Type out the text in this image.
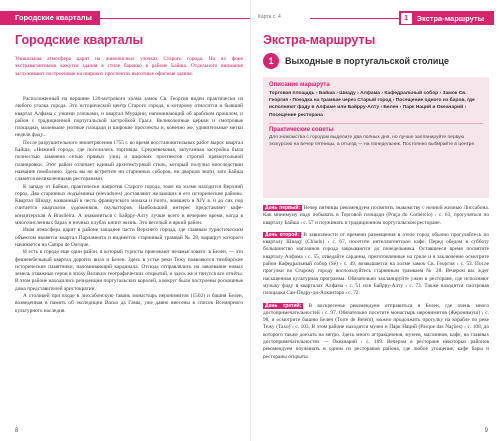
Городские кварталы
Городские кварталы
Уникальная атмосфера царит на живописных улочках Старого города. На их фоне экстравагантными кажутся здания в стиле барокко в районе Байша. Отдельного внимания заслуживают построенные на широких проспектах высотные офисные здания.

Расположенный на вершине 120-метрового холма замок Св. Георгия виден практически из любого уголка города. Это исторический центр Старого города, к которому относится и бывший квартал Алфама с узкими улочками, и квартал Мурарии, напоминающий об арабском прошлом, и район с традиционной португальской застройкой Граса. Великолепные церкви и смотровые площадки, маленькие уютные площади и широкие проспекты и, конечно же, удивительные метки недели фаду...

После разрушительного землетрясения 1755 г. во время восстановительных работ вырос квартал Байша, «Нижний город», где поселились торговцы. Средневековая, запутанная застройка была полностью заменена сетью прямых улиц и широких проспектов строгой прямоугольной планировки. Этот район отличает единый архитектурный стиль, который получил впоследствии название помбалино. Здесь вы не встретите ни старинных соборов, ни дворцов знати, зато Байша славится великолепными ресторанами.

К западу от Байши, практически напротив Старого города, тоже на холме находится Верхний город. Два старинных подъёмника (elevadores) доставляют желающих в его исторические районы. Квартал Шиаду, названный в честь французского монаха и поэта, жившего в XIV в. и до сих пор считается кварталом художников, скульпторов. Наибольший интерес представляет кафе-кондитерская A Brasileira. А знакомиться с Байрру-Алту лучше всего в вечернее время, когда в многочисленных барах и ночных клубах кипит жизнь. Это веселый и яркий район.

Иная атмосфера царит в районе западнее части Верхнего города, где главным туристическим объектом является квартал Парламента и виднеется старинный трамвай № 28, маршрут которого начинается на Campo de Ourique.

И есть в городе еще один район, в который туристы приезжают незамысловато: в Белен, — это фешенебельный квартал дорогих вилл и Белен. Здесь в устье реки Тежу появляются тимбирские исторические памятники, напоминающий кардинала. Отсюда отправлялись на завоевание новых земель отважные герои в эпоху Великих географических открытий, и здесь же и тянутся все отчёты. В этом районе находились резиденции португальских королей, а вокруг были построены роскошные дома представителей аристократии.

А столицей при входе в лиссабонскую гавань монастырь иеронимитов (1502) и башня Белен, возведенная в память об экспедиции Васко да Гамы, уже давно внесены в список Всемирного культурного наследия.

8
Карта с. 4	1	Экстра-маршруты
Экстра-маршруты
1	Выходные в португальской столице
Описание маршрута
Торговая площадь › Байша › Шиаду › Алфама › Кафедральный собор › Замок Св. Георгия › Поездка на трамвае через Старый город › Посещение одного из баров, где исполняют фаду в Алфаме или Байрру-Алту › Белен › Парк Наций и Океанарий › Посещение ресторана
Практические советы
Для знакомства с городом выделите два полных дня, но лучше запланируйте первую экскурсию на вечер пятницы, а отъезд — на понедельник. Постоянно выбирайте в центре.

День первый: Вечер пятницы рекомендуем посвятить знакомству с ночной жизнью Лиссабона. Как минимуму надо побывать в Торговой площади (Praça do Comércio) › с. 63, прогуляться по кварталу Байша › с. 57 и поужинать в традиционном португальском ресторане.

День второй: В зависимости от времени размещения в отеле город обычно прогуляйтесь по кварталу Шиаду (Chiado) › с. 67, посетите интеллигентское кафе. Перед обедом в субботу большинство магазинов города закрываются до понедельника. Оставшееся время посвятите кварталу Алфама › с. 55, отведайте сардины, приготовленные на гриле и в заключение осмотрите район Кафедральный собор (Sé) › с. 49, возвышается на холме замок Св. Георгия › с. 53. После прогулки по Старому городу воспользуйтесь старинным трамваем № 28. Вечером вас ждет насыщенная культурная программа. Обязательно запланируйте ужин в ресторане, где исполняют музыку фаду в кварталах Алфама › с. 51 или Байрру-Алту › с. 73. Также находится смотровая площадка Сан-Педру-ди-Алкантара › с. 72.

День третий: В воскресенье рекомендуем отправиться в Белен, где очень много достопримечательностей › с. 97. Обязательно посетите монастырь иеронимитов (Жеронимуш) › с. 98, и осмотрите башню Белен (Torre de Belém), можно продолжить прогулку на корабле по реке Тежу (Тахо) › с. 103. В этом районе находятся музеи и Парк Наций (Parque das Nações) › с. 108, до которого также доехать на метро. Здесь много аттракционов, музеев, магазинов, кафе, на главных достопримечательностях — Океанарий › с. 109. Вечером в ресторане некоторых районов рекомендуем поужинать в одном из ресторанов района, где любое угощение, кафе бары и рестораны открыты.

9
